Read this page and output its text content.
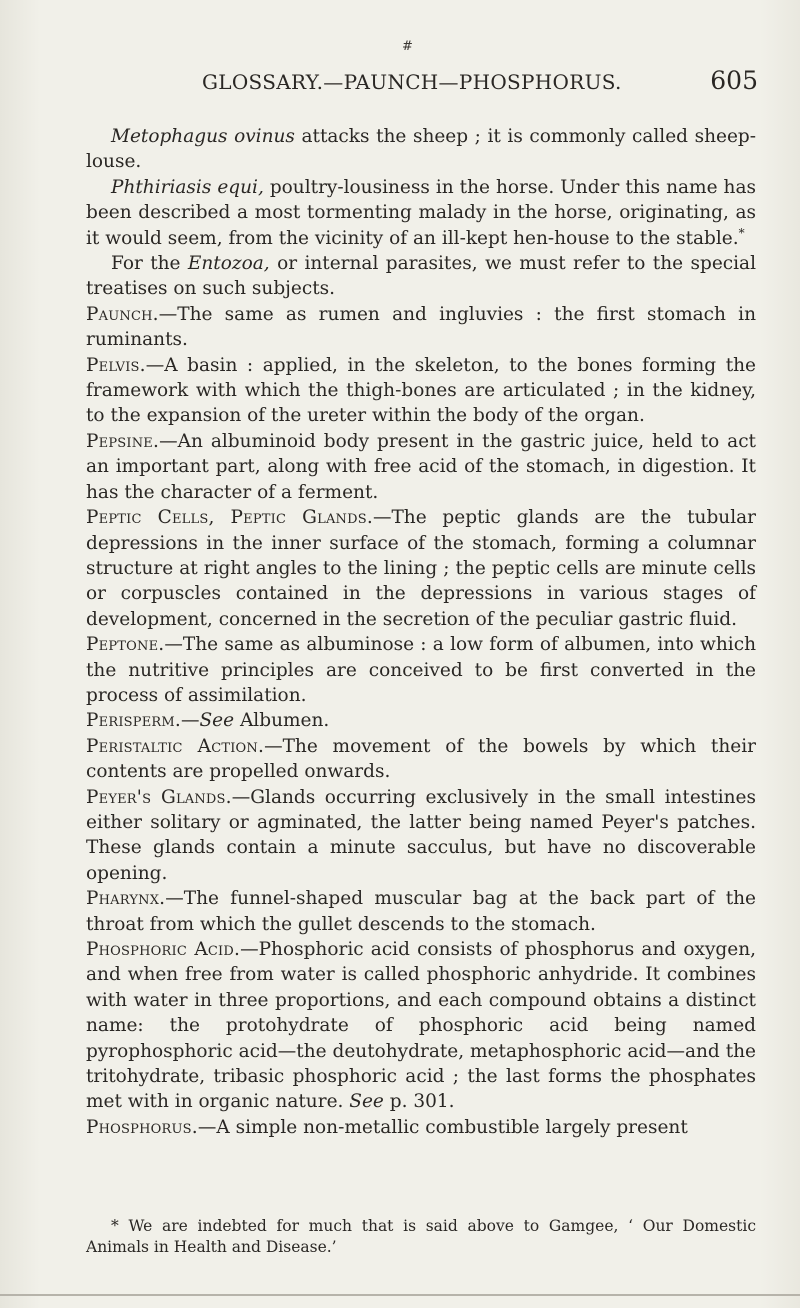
#
GLOSSARY.—PAUNCH—PHOSPHORUS.	605

Metophagus ovinus attacks the sheep ; it is commonly called sheep-louse.

Phthiriasis equi, poultry-lousiness in the horse. Under this name has been described a most tormenting malady in the horse, originating, as it would seem, from the vicinity of an ill-kept hen-house to the stable.*

For the Entozoa, or internal parasites, we must refer to the special treatises on such subjects.

Paunch.—The same as rumen and ingluvies : the first stomach in ruminants.

Pelvis.—A basin : applied, in the skeleton, to the bones forming the framework with which the thigh-bones are articulated ; in the kidney, to the expansion of the ureter within the body of the organ.

Pepsine.—An albuminoid body present in the gastric juice, held to act an important part, along with free acid of the stomach, in digestion. It has the character of a ferment.

Peptic Cells, Peptic Glands.—The peptic glands are the tubular depressions in the inner surface of the stomach, forming a columnar structure at right angles to the lining ; the peptic cells are minute cells or corpuscles contained in the depressions in various stages of development, concerned in the secretion of the peculiar gastric fluid.

Peptone.—The same as albuminose : a low form of albumen, into which the nutritive principles are conceived to be first converted in the process of assimilation.

Perisperm.—See Albumen.

Peristaltic Action.—The movement of the bowels by which their contents are propelled onwards.

Peyer's Glands.—Glands occurring exclusively in the small intestines either solitary or agminated, the latter being named Peyer's patches. These glands contain a minute sacculus, but have no discoverable opening.

Pharynx.—The funnel-shaped muscular bag at the back part of the throat from which the gullet descends to the stomach.

Phosphoric Acid.—Phosphoric acid consists of phosphorus and oxygen, and when free from water is called phosphoric anhydride. It combines with water in three proportions, and each compound obtains a distinct name: the protohydrate of phosphoric acid being named pyrophosphoric acid—the deutohydrate, metaphosphoric acid—and the tritohydrate, tribasic phosphoric acid ; the last forms the phosphates met with in organic nature. See p. 301.

Phosphorus.—A simple non-metallic combustible largely present

* We are indebted for much that is said above to Gamgee, ‘ Our Domestic Animals in Health and Disease.’
